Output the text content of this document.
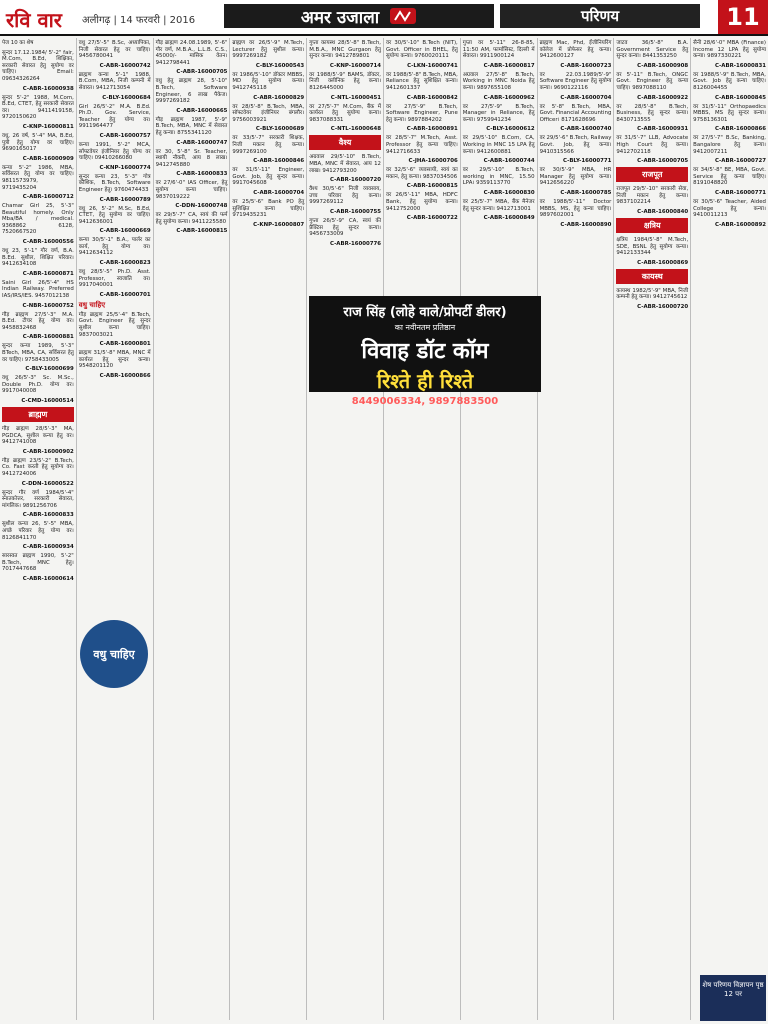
रवि वार अलीगढ़ | 14 फरवरी | 2016	अमर उजाला	परिणय	11
पेज 10 का शेष
सुन्दर 17.12.1984/ 5'-2" fair, M.Com, B.Ed, शिक्षिका, सरकारी सेवारत हेतु सुयोग्य वर चाहिए। Email: 09634326264
C-ABR-16000938
सुन्दर 5'-2" 1988, M.Com, B.Ed, CTET, हेतु सरकारी सेवारत वर। 9411419158, 9720150620
C-KNP-16000811
वधु, 26 वर्ष, 5'-4" MA, B.Ed, पुत्री हेतु योग्य वर चाहिए। 9690165017
C-ABR-16000909
कन्या 5'-2" 1986, MBA, सर्विसरत हेतु योग्य वर चाहिए। 9811573979, 9719435204
C-ABR-16000712
Chamar Girl 25, 5'-3" Beautiful homely. Only Mba/BA / medical. 9368862 6128, 7520667520
C-ABR-16000556
वधु 23, 5'-1" गौर वर्ण, B.A. B.Ed. सुशील, शिक्षित परिवार। 9412634108
C-ABR-16000871
Saini Girl 26/5'-4" HS Indian Railway. Preferred IAS/IRS/IES. 9457012138
C-NBR-16000752
गौड़ ब्राह्मण 27/5'-3" M.A. B.Ed. टीचर हेतु योग्य वर। 9458832468
C-ABR-16000881
सुन्दर कन्या 1989, 5'-3" BTech, MBA, CA, सर्विसरत हेतु वर चाहिए। 9758433005
C-BLY-16000699
वधु 26/5'-3" Sc. M.Sc., Double Ph.D. योग्य वर। 9917040008
C-CMD-16000514
ब्राह्मण
गौड़ ब्राह्मण 28/5'-3" MA, PGDCA, सुशील कन्या हेतु वर। 9412741008
C-ABR-16000902
गौड़ ब्राह्मण 23/5'-2" B.Tech, Co. Fast करती हेतु सुयोग्य वर। 9412724006
C-DDN-16000522
सुन्दर गौर वर्ण 1984/5'-4" स्नातकोत्तर, सरकारी सेवारत, मांगलिक। 9891256706
C-ABR-16000833
सुशील कन्या 26, 5'-5" MBA, अच्छे परिवार हेतु योग्य वर। 8126841170
C-ABR-16000934
सारस्वत ब्राह्मण 1990, 5'-2" B.Tech, MNC हेतु। 7017447668
C-ABR-16000614
वधु 27/5'-5" B.Sc, अध्यापिका, निजी सेवारत हेतु वर चाहिए। 9456780041
C-ABR-16000742
ब्राह्मण कन्या 5'-1" 1988, B.Com, MBA, निजी कम्पनी में सेवारत। 9412713054
C-BLY-16000684
Girl 26/5'-2" M.A. B.Ed. Ph.D. Gov. Service, Teacher हेतु योग्य वर। 9911964477
C-ABR-16000757
कन्या 1991, 5'-2" MCA, सॉफ्टवेयर इंजीनियर हेतु योग्य वर चाहिए। 09410266080
C-KNP-16000774
सुन्दर कन्या 23, 5'-3" गोत्र कौशिक, B.Tech, Software Engineer हेतु। 9760474433
C-ABR-16000789
वधु 26, 5'-2" M.Sc, B.Ed, CTET, हेतु सुयोग्य वर चाहिए। 9412636001
C-ABR-16000669
कन्या 30/5'-1" B.A., पार्लर का कार्य, हेतु योग्य वर। 9412634112
C-ABR-16000823
वधु 28/5'-5" Ph.D. Asst. Professor, स्वजाति वर। 9917040001
C-ABR-16000701
वधु चाहिए
गौड़ ब्राह्मण 25/5'-4" B.Tech, Govt. Engineer हेतु सुन्दर सुशील कन्या चाहिए। 9837003021
C-ABR-16000801
ब्राह्मण 31/5'-8" MBA, MNC में कार्यरत हेतु सुन्दर कन्या। 9548201120
C-ABR-16000866
गौड़ ब्राह्मण 24.08.1989, 5'-6" गौर वर्ण, M.B.A., L.L.B. C.S., 45000/- मासिक वेतन। 9412798441
C-ABR-16000705
वधु हेतु ब्राह्मण 28, 5'-10" B.Tech, Software Engineer, 6 लाख पैकेज। 9997269182
C-ABR-16000665
गौड़ ब्राह्मण 1987, 5'-9" B.Tech, MBA, MNC में सेवारत हेतु कन्या। 8755341120
C-ABR-16000747
वर 30, 5'-8" Sr. Teacher, स्थायी नौकरी, आय 8 लाख। 9412745880
C-ABR-16000833
वर 27/6'-0" IAS Officer, हेतु सुयोग्य कन्या चाहिए। 9837019222
C-DDN-16000748
वर 29/5'-7" CA, स्वयं की फर्म हेतु सुयोग्य कन्या। 9411225580
C-ABR-16000815
ब्राह्मण वर 26/5'-9" M.Tech, Lecturer हेतु सुशील कन्या। 9997269182
C-BLY-16000543
वर 1986/5'-10" डॉक्टर MBBS, MD हेतु सुयोग्य कन्या। 9412745118
C-ABR-16000829
वर 28/5'-8" B.Tech, MBA, सॉफ्टवेयर इंजीनियर बंगलौर। 9756003921
C-BLY-16000689
वर 33/5'-7" सरकारी शिक्षक, निजी मकान हेतु कन्या। 9997269100
C-ABR-16000846
वर 31/5'-11" Engineer, Govt. Job, हेतु सुन्दर कन्या। 9917045608
C-ABR-16000704
वर 25/5'-6" Bank PO हेतु सुशिक्षित कन्या चाहिए। 9719435231
C-KNP-16000807
गुप्ता कायस्थ 28/5'-8" B.Tech, M.B.A., MNC Gurgaon हेतु सुन्दर कन्या। 9412789801
C-KNP-16000714
वर 1988/5'-9" BAMS, डॉक्टर, निजी क्लीनिक हेतु कन्या। 8126445000
C-NTL-16000451
वर 27/5'-7" M.Com, बैंक में कार्यरत हेतु सुयोग्य कन्या। 9837088331
C-NTL-16000648
वैश्य
अग्रवाल 29/5'-10" B.Tech, MBA, MNC में सेवारत, आय 12 लाख। 9412793200
C-ABR-16000720
वैश्य 30/5'-6" निजी व्यवसाय, उच्च परिवार हेतु कन्या। 9997269112
C-ABR-16000755
गुप्ता 26/5'-9" CA, स्वयं की प्रैक्टिस हेतु सुन्दर कन्या। 9456733009
C-ABR-16000776
वर 30/5'-10" B.Tech (NIT), Govt. Officer in BHEL, हेतु सुयोग्य कन्या। 9760020111
C-LKN-16000741
वर 1988/5'-8" B.Tech, MBA, Reliance हेतु सुशिक्षित कन्या। 9412601337
C-ABR-16000842
वर 27/5'-9" B.Tech, Software Engineer, Pune हेतु कन्या। 9897884202
C-ABR-16000891
वर 28/5'-7" M.Tech, Asst. Professor हेतु कन्या चाहिए। 9412716633
C-JHA-16000706
वर 32/5'-6" व्यवसायी, स्वयं का मकान, हेतु कन्या। 9837034506
C-ABR-16000815
वर 26/5'-11" MBA, HDFC Bank, हेतु सुयोग्य कन्या। 9412752000
C-ABR-16000722
गुप्ता वर 5'-11" 26-8-85, 11:50 AM, फार्मासिस्ट, दिल्ली में सेवारत। 9911900124
C-ABR-16000817
अग्रवाल 27/5'-8" B.Tech, Working in MNC Noida हेतु कन्या। 9897655108
C-ABR-16000962
वर 27/5'-9" B.Tech, Manager in Reliance, हेतु कन्या। 9759941234
C-BLY-16000612
वर 29/5'-10" B.Com, CA, Working in MNC 15 LPA हेतु कन्या। 9412600881
C-ABR-16000744
वर 29/5'-10" B.Tech, working in MNC, 15.50 LPA। 9359113770
C-ABR-16000830
वर 25/5'-7" MBA, बैंक मैनेजर हेतु सुन्दर कन्या। 9412713001
C-ABR-16000849
ब्राह्मण Mac, Phd, ईंजीनियरिंग कॉलेज में प्रोफेसर हेतु कन्या। 9412600127
C-ABR-16000723
वर 22.03.1989/5'-9" Software Engineer हेतु सुयोग्य कन्या। 9690122116
C-ABR-16000704
वर 5'-8" B.Tech, MBA, Govt. Financial Accounting Officer। 8171628696
C-ABR-16000740
वर 29/5'-6" B.Tech, Railway Govt. Job, हेतु कन्या। 9410315566
C-BLY-16000771
वर 30/5'-9" MBA, HR Manager हेतु सुयोग्य कन्या। 9412656220
C-ABR-16000785
वर 1988/5'-11" Doctor MBBS, MS, हेतु कन्या चाहिए। 9897602001
C-ABR-16000890
जाटव 36/5'-8" B.A. Government Service हेतु सुन्दर कन्या। 8441353250
C-ABR-16000908
वर 5'-11" B.Tech, ONGC Govt. Engineer हेतु कन्या चाहिए। 9897088110
C-ABR-16000922
वर 28/5'-8" B.Tech, Business, हेतु सुन्दर कन्या। 8430713555
C-ABR-16000931
वर 31/5'-7" LLB, Advocate High Court हेतु कन्या। 9412702118
C-ABR-16000705
राजपूत
राजपूत 29/5'-10" सरकारी सेवा, निजी मकान हेतु कन्या। 9837102214
C-ABR-16000840
क्षत्रिय
क्षत्रिय 1984/5'-8" M.Tech, SDE, BSNL हेतु सुयोग्य कन्या। 9412133344
C-ABR-16000869
कायस्थ
कायस्थ 1982/5'-9" MBA, निजी कम्पनी हेतु कन्या। 9412745612
C-ABR-16000720
सैनी 28/6'-0" MBA (Finance) Income 12 LPA हेतु सुयोग्य कन्या। 9897330221
C-ABR-16000831
वर 1988/5'-9" B.Tech, MBA, Govt. Job हेतु कन्या चाहिए। 8126004455
C-ABR-16000845
वर 31/5'-11" Orthopaedics MBBS, MS हेतु सुन्दर कन्या। 9758136301
C-ABR-16000866
वर 27/5'-7" B.Sc, Banking, Bangalore हेतु कन्या। 9412007211
C-ABR-16000727
वर 34/5'-8" BE, MBA, Govt. Service हेतु कन्या चाहिए। 8191048820
C-ABR-16000771
वर 30/5'-6" Teacher, Aided College हेतु कन्या। 9410011213
C-ABR-16000892
राज सिंह (लोहे वाले/प्रोपर्टी डीलर)
का नवीनतम प्रतिष्ठान
विवाह डॉट कॉम
रिश्ते ही रिश्ते
8449006334, 9897883500
वधु चाहिए
शेष परिणय विज्ञापन पृष्ठ 12 पर
